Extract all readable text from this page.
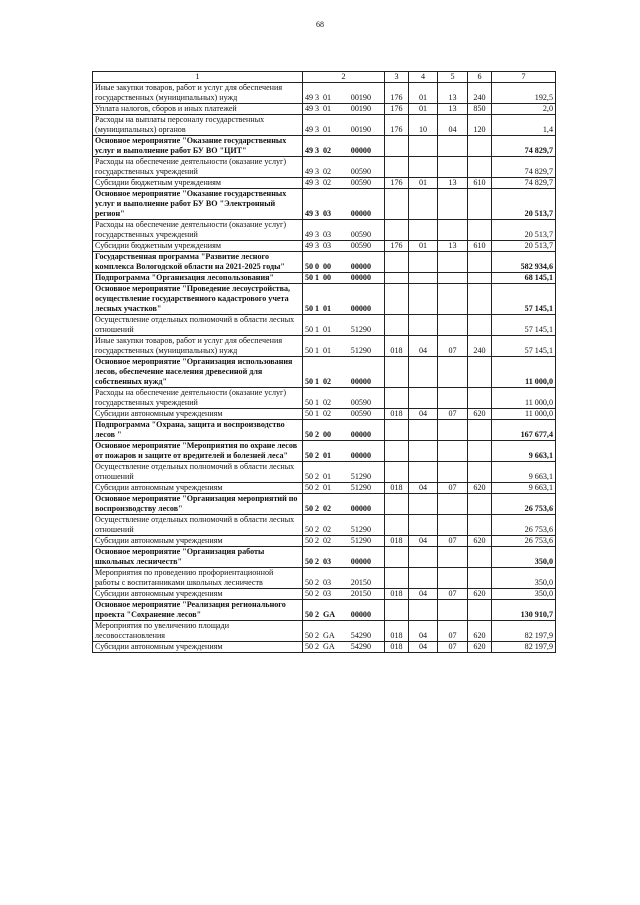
68
1	2	3	4	5	6	7
Иные закупки товаров, работ и услуг для обеспечения государственных (муниципальных) нужд	49 3 01 00190	176	01	13	240	192,5
Уплата налогов, сборов и иных платежей	49 3 01 00190	176	01	13	850	2,0
Расходы на выплаты персоналу государственных (муниципальных) органов	49 3 01 00190	176	10	04	120	1,4
Основное мероприятие "Оказание государственных услуг и выполнение работ БУ ВО "ЦИТ"	49 3 02 00000					74 829,7
Расходы на обеспечение деятельности (оказание услуг) государственных учреждений	49 3 02 00590					74 829,7
Субсидии бюджетным учреждениям	49 3 02 00590	176	01	13	610	74 829,7
Основное мероприятие "Оказание государственных услуг и выполнение работ БУ ВО "Электронный регион"	49 3 03 00000					20 513,7
Расходы на обеспечение деятельности (оказание услуг) государственных учреждений	49 3 03 00590					20 513,7
Субсидии бюджетным учреждениям	49 3 03 00590	176	01	13	610	20 513,7
Государственная программа "Развитие лесного комплекса Вологодской области на 2021-2025 годы"	50 0 00 00000					582 934,6
Подпрограмма "Организация лесопользования"	50 1 00 00000					68 145,1
Основное мероприятие "Проведение лесоустройства, осуществление государственного кадастрового учета лесных участков"	50 1 01 00000					57 145,1
Осуществление отдельных полномочий в области лесных отношений	50 1 01 51290					57 145,1
Иные закупки товаров, работ и услуг для обеспечения государственных (муниципальных) нужд	50 1 01 51290	018	04	07	240	57 145,1
Основное мероприятие "Организация использования лесов, обеспечение населения древесиной для собственных нужд"	50 1 02 00000					11 000,0
Расходы на обеспечение деятельности (оказание услуг) государственных учреждений	50 1 02 00590					11 000,0
Субсидии автономным учреждениям	50 1 02 00590	018	04	07	620	11 000,0
Подпрограмма "Охрана, защита и воспроизводство лесов "	50 2 00 00000					167 677,4
Основное мероприятие "Мероприятия по охране лесов от пожаров и защите от вредителей и болезней леса"	50 2 01 00000					9 663,1
Осуществление отдельных полномочий в области лесных отношений	50 2 01 51290					9 663,1
Субсидии автономным учреждениям	50 2 01 51290	018	04	07	620	9 663,1
Основное мероприятие "Организация мероприятий по воспроизводству лесов"	50 2 02 00000					26 753,6
Осуществление отдельных полномочий в области лесных отношений	50 2 02 51290					26 753,6
Субсидии автономным учреждениям	50 2 02 51290	018	04	07	620	26 753,6
Основное мероприятие "Организация работы школьных лесничеств"	50 2 03 00000					350,0
Мероприятия по проведению профориентационной работы с воспитанниками школьных лесничеств	50 2 03 20150					350,0
Субсидии автономным учреждениям	50 2 03 20150	018	04	07	620	350,0
Основное мероприятие "Реализация регионального проекта "Сохранение лесов"	50 2 GA 00000					130 910,7
Мероприятия по увеличению площади лесовосстановления	50 2 GA 54290	018	04	07	620	82 197,9
Субсидии автономным учреждениям	50 2 GA 54290	018	04	07	620	82 197,9
